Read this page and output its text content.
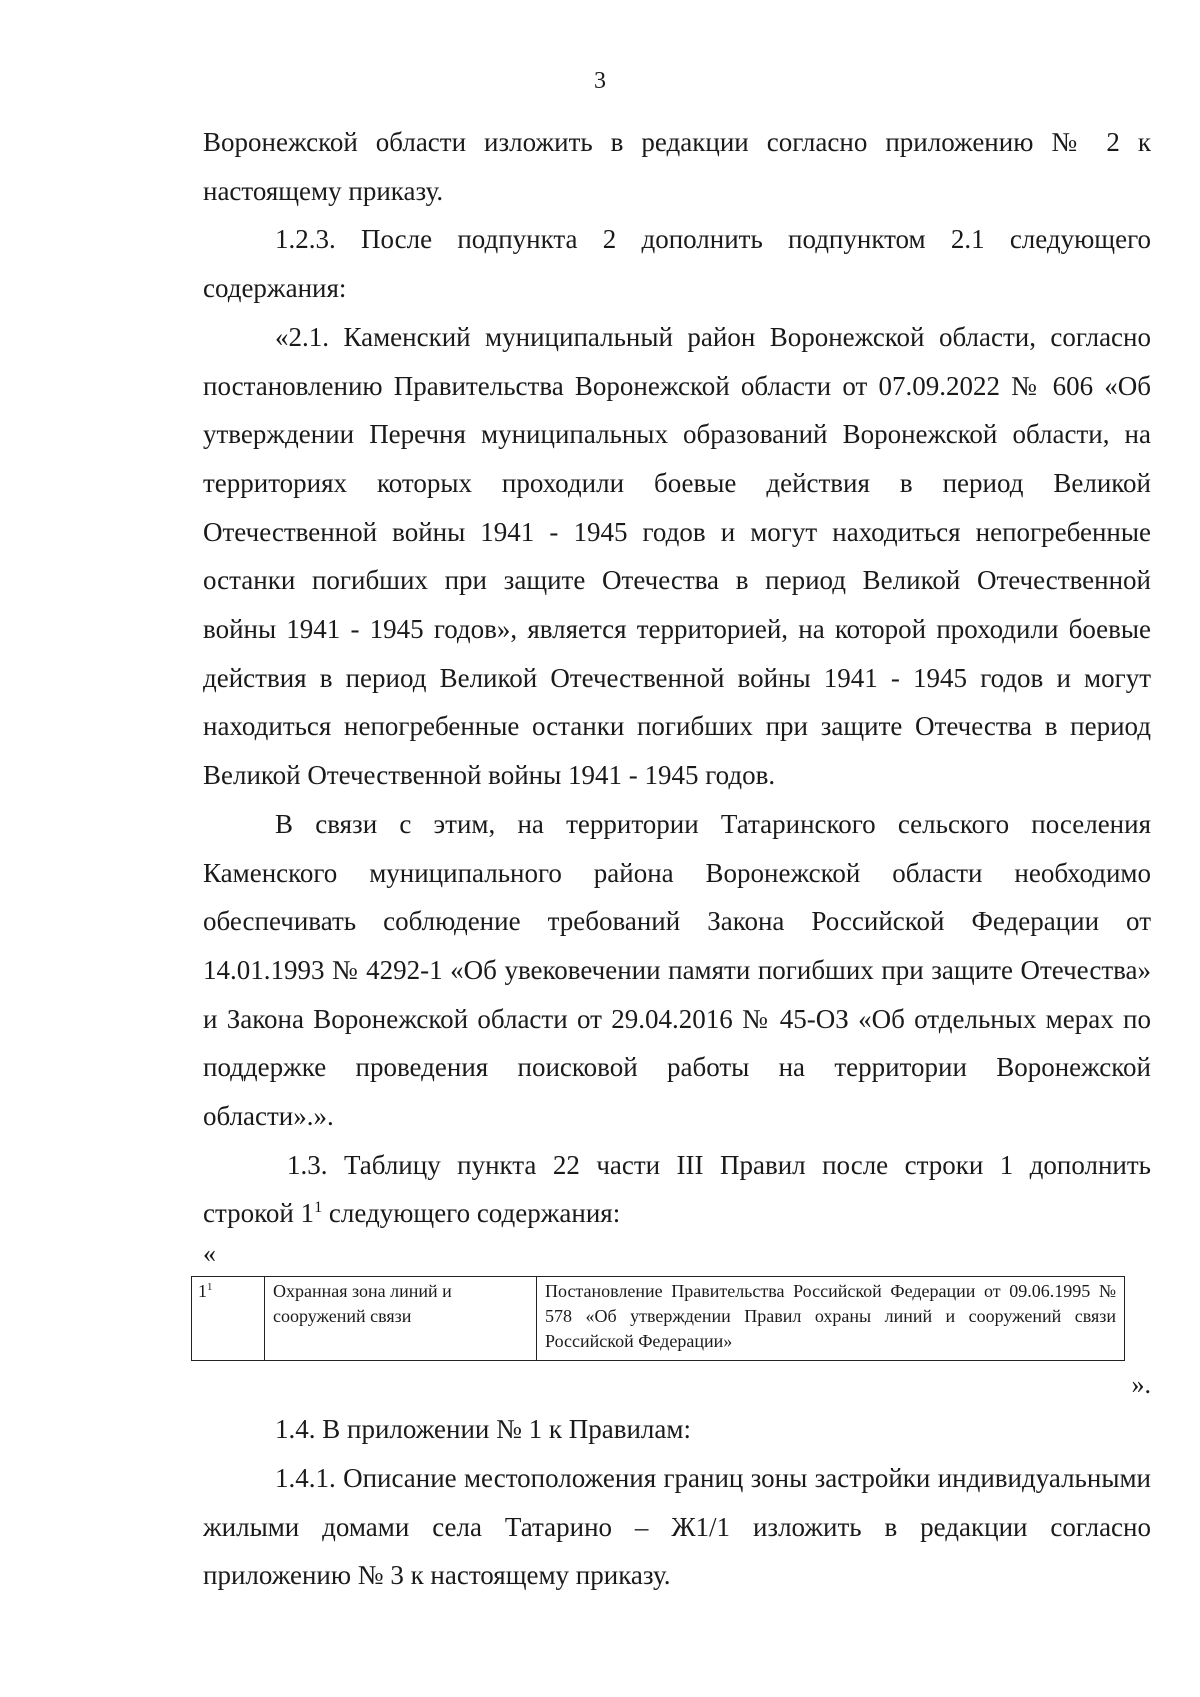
3

Воронежской области изложить в редакции согласно приложению № 2 к настоящему приказу.

1.2.3. После подпункта 2 дополнить подпунктом 2.1 следующего содержания:

«2.1. Каменский муниципальный район Воронежской области, согласно постановлению Правительства Воронежской области от 07.09.2022 № 606 «Об утверждении Перечня муниципальных образований Воронежской области, на территориях которых проходили боевые действия в период Великой Отечественной войны 1941 - 1945 годов и могут находиться непогребенные останки погибших при защите Отечества в период Великой Отечественной войны 1941 - 1945 годов», является территорией, на которой проходили боевые действия в период Великой Отечественной войны 1941 - 1945 годов и могут находиться непогребенные останки погибших при защите Отечества в период Великой Отечественной войны 1941 - 1945 годов.

В связи с этим, на территории Татаринского сельского поселения Каменского муниципального района Воронежской области необходимо обеспечивать соблюдение требований Закона Российской Федерации от 14.01.1993 № 4292-1 «Об увековечении памяти погибших при защите Отечества» и Закона Воронежской области от 29.04.2016 № 45-ОЗ «Об отдельных мерах по поддержке проведения поисковой работы на территории Воронежской области».».

1.3. Таблицу пункта 22 части III Правил после строки 1 дополнить строкой $1^1$ следующего содержания:

«
$1^1$	Охранная зона линий и сооружений связи	Постановление Правительства Российской Федерации от 09.06.1995 № 578 «Об утверждении Правил охраны линий и сооружений связи Российской Федерации»
».

1.4. В приложении № 1 к Правилам:

1.4.1. Описание местоположения границ зоны застройки индивидуальными жилыми домами села Татарино – Ж1/1 изложить в редакции согласно приложению № 3 к настоящему приказу.
